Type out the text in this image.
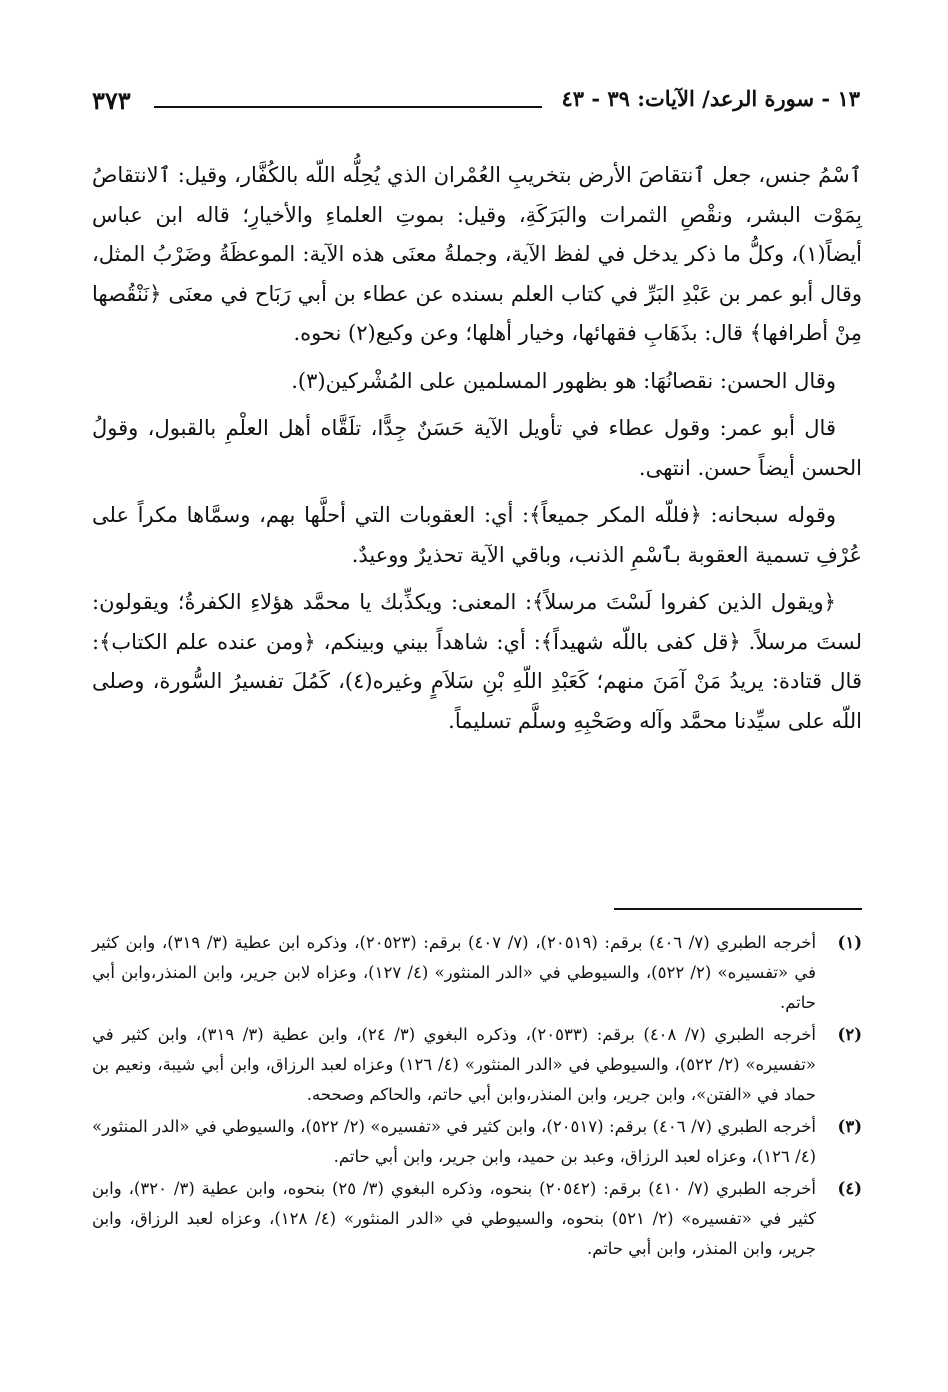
١٣ - سورة الرعد/ الآيات: ٣٩ - ٤٣
٣٧٣

ٱسْمُ جنس، جعل ٱنتقاصَ الأرض بتخريبِ العُمْران الذي يُحِلُّه اللّه بالكُفَّار، وقيل: ٱلانتقاصُ بِمَوْت البشر، ونقْصِ الثمرات والبَرَكَةِ، وقيل: بموتِ العلماءِ والأخيارِ؛ قاله ابن عباس أيضاً(١)، وكلُّ ما ذكر يدخل في لفظ الآية، وجملةُ معنَى هذه الآية: الموعظَةُ وضَرْبُ المثل، وقال أبو عمر بن عَبْدِ البَرِّ في كتاب العلم بسنده عن عطاء بن أبي رَبَاح في معنَى ﴿نَنْقُصها مِنْ أطرافها﴾ قال: بذَهَابِ فقهائها، وخيار أهلها؛ وعن وكيع(٢) نحوه.

وقال الحسن: نقصانُهَا: هو بظهور المسلمين على المُشْركين(٣).

قال أبو عمر: وقول عطاء في تأويل الآية حَسَنٌ جِدًّا، تلَقَّاه أهل العلْمِ بالقبول، وقولُ الحسن أيضاً حسن. انتهى.

وقوله سبحانه: ﴿فللّه المكر جميعاً﴾: أي: العقوبات التي أحلَّها بهم، وسمَّاها مكراً على عُرْفِ تسمية العقوبة بٱسْمِ الذنب، وباقي الآية تحذيرٌ ووعيدٌ.

﴿ويقول الذين كفروا لَسْتَ مرسلاً﴾: المعنى: ويكذِّبك يا محمَّد هؤلاءِ الكفرةُ؛ ويقولون: لستَ مرسلاً. ﴿قل كفى باللّه شهيداً﴾: أي: شاهداً بيني وبينكم، ﴿ومن عنده علم الكتاب﴾: قال قتادة: يريدُ مَنْ آمَنَ منهم؛ كَعَبْدِ اللّهِ بْنِ سَلاَمٍ وغيره(٤)، كَمُلَ تفسيرُ السُّورة، وصلى اللّه على سيِّدنا محمَّد وآله وصَحْبِهِ وسلَّم تسليماً.

(١)
أخرجه الطبري (٧/ ٤٠٦) برقم: (٢٠٥١٩)، (٧/ ٤٠٧) برقم: (٢٠٥٢٣)، وذكره ابن عطية (٣/ ٣١٩)، وابن كثير في «تفسيره» (٢/ ٥٢٢)، والسيوطي في «الدر المنثور» (٤/ ١٢٧)، وعزاه لابن جرير، وابن المنذر،وابن أبي حاتم.
(٢)
أخرجه الطبري (٧/ ٤٠٨) برقم: (٢٠٥٣٣)، وذكره البغوي (٣/ ٢٤)، وابن عطية (٣/ ٣١٩)، وابن كثير في «تفسيره» (٢/ ٥٢٢)، والسيوطي في «الدر المنثور» (٤/ ١٢٦) وعزاه لعبد الرزاق، وابن أبي شيبة، ونعيم بن حماد في «الفتن»، وابن جرير، وابن المنذر،وابن أبي حاتم، والحاكم وصححه.
(٣)
أخرجه الطبري (٧/ ٤٠٦) برقم: (٢٠٥١٧)، وابن كثير في «تفسيره» (٢/ ٥٢٢)، والسيوطي في «الدر المنثور» (٤/ ١٢٦)، وعزاه لعبد الرزاق، وعبد بن حميد، وابن جرير، وابن أبي حاتم.
(٤)
أخرجه الطبري (٧/ ٤١٠) برقم: (٢٠٥٤٢) بنحوه، وذكره البغوي (٣/ ٢٥) بنحوه، وابن عطية (٣/ ٣٢٠)، وابن كثير في «تفسيره» (٢/ ٥٢١) بنحوه، والسيوطي في «الدر المنثور» (٤/ ١٢٨)، وعزاه لعبد الرزاق، وابن جرير، وابن المنذر، وابن أبي حاتم.
